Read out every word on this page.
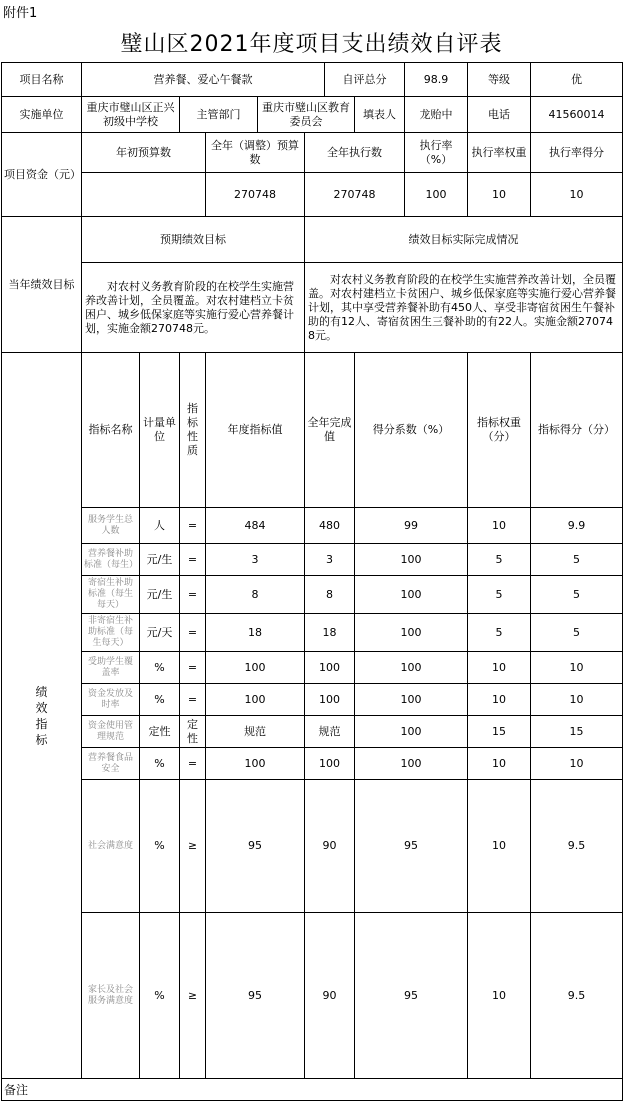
附件1
璧山区2021年度项目支出绩效自评表
项目名称	营养餐、爱心午餐款						自评总分		98.9	等级	优	
实施单位	重庆市璧山区正兴初级中学校		主管部门		重庆市璧山区教育委员会			填表人	龙贻中	电话	41560014	
项目资金（元）	年初预算数			全年（调整）预算数		全年执行数			执行率（%）	执行率权重	执行率得分	
				270748		270748			100	10	10	
当年绩效目标	预期绩效目标					绩效目标实际完成情况						
	对农村义务教育阶段的在校学生实施营养改善计划，全员覆盖。对农村建档立卡贫困户、城乡低保家庭等实施行爱心营养餐计划，实施金额270748元。					对农村义务教育阶段的在校学生实施营养改善计划，全员覆盖。对农村建档立卡贫困户、城乡低保家庭等实施行爱心营养餐计划，其中享受营养餐补助有450人、享受非寄宿贫困生午餐补助的有12人、寄宿贫困生三餐补助的有22人。实施金额270748元。						

绩
效
指
标	指标名称	计量单位	指标性质	年度指标值		全年完成值		得分系数（%）		指标权重（分）	指标得分（分）	
	服务学生总人数	人	=	484		480		99		10	9.9	
	营养餐补助标准（每生）	元/生	=	3		3		100		5	5	
	寄宿生补助标准（每生每天）	元/生	=	8		8		100		5	5	
	非寄宿生补助标准（每生每天）	元/天	=	18		18		100		5	5	
	受助学生覆盖率	%	=	100		100		100		10	10	
	资金发放及时率	%	=	100		100		100		10	10	
	资金使用管理规范	定性	定性	规范		规范		100		15	15	
	营养餐食品安全	%	=	100		100		100		10	10	
	社会满意度	%	≥	95		90		95		10	9.5	
	家长及社会服务满意度	%	≥	95		90		95		10	9.5	
备注												
